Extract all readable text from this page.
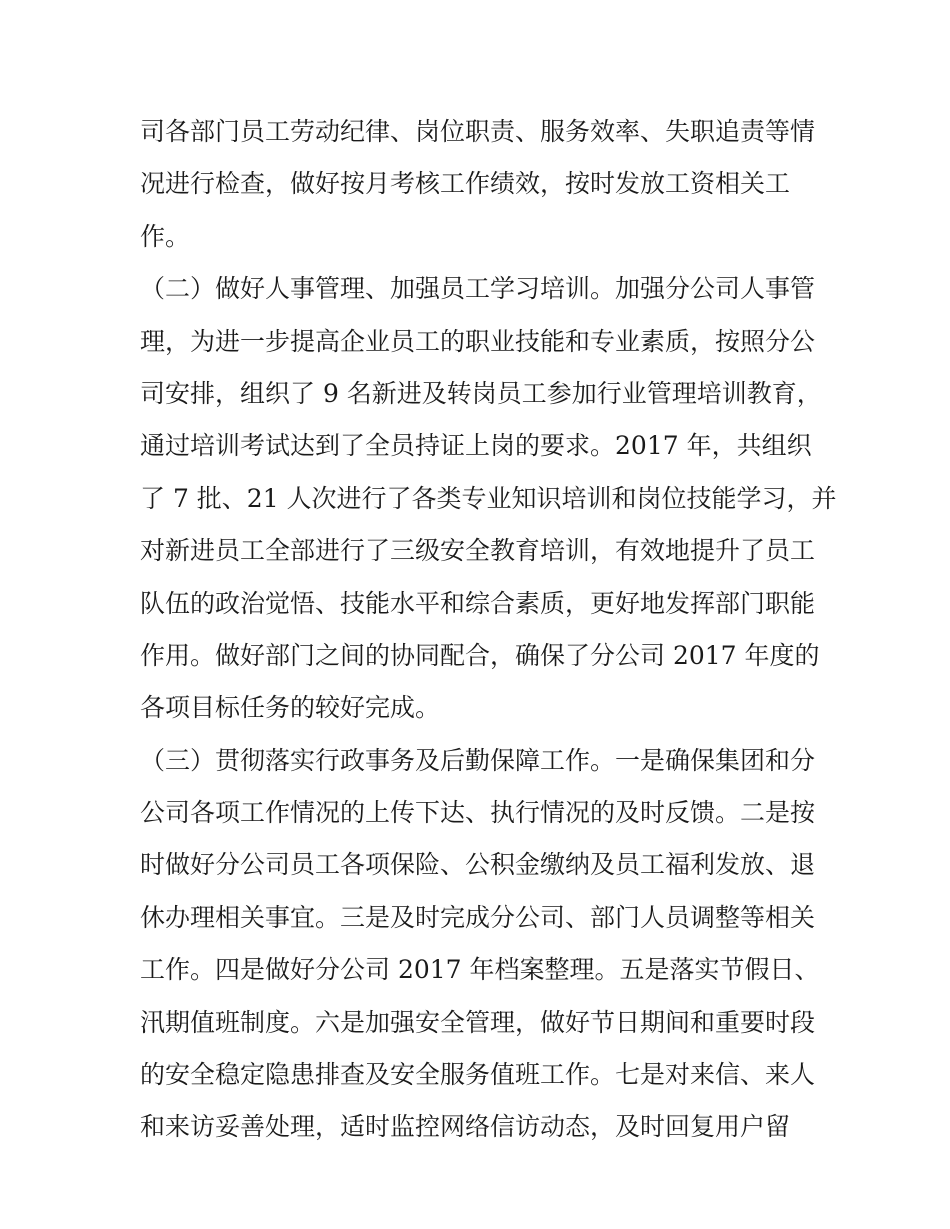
司各部门员工劳动纪律、岗位职责、服务效率、失职追责等情
况进行检查，做好按月考核工作绩效，按时发放工资相关工
作。
（二）做好人事管理、加强员工学习培训。加强分公司人事管
理，为进一步提高企业员工的职业技能和专业素质，按照分公
司安排，组织了 9 名新进及转岗员工参加行业管理培训教育，
通过培训考试达到了全员持证上岗的要求。2017 年，共组织
了 7 批、21 人次进行了各类专业知识培训和岗位技能学习，并
对新进员工全部进行了三级安全教育培训，有效地提升了员工
队伍的政治觉悟、技能水平和综合素质，更好地发挥部门职能
作用。做好部门之间的协同配合，确保了分公司 2017 年度的
各项目标任务的较好完成。
（三）贯彻落实行政事务及后勤保障工作。一是确保集团和分
公司各项工作情况的上传下达、执行情况的及时反馈。二是按
时做好分公司员工各项保险、公积金缴纳及员工福利发放、退
休办理相关事宜。三是及时完成分公司、部门人员调整等相关
工作。四是做好分公司 2017 年档案整理。五是落实节假日、
汛期值班制度。六是加强安全管理，做好节日期间和重要时段
的安全稳定隐患排查及安全服务值班工作。七是对来信、来人
和来访妥善处理，适时监控网络信访动态，及时回复用户留
